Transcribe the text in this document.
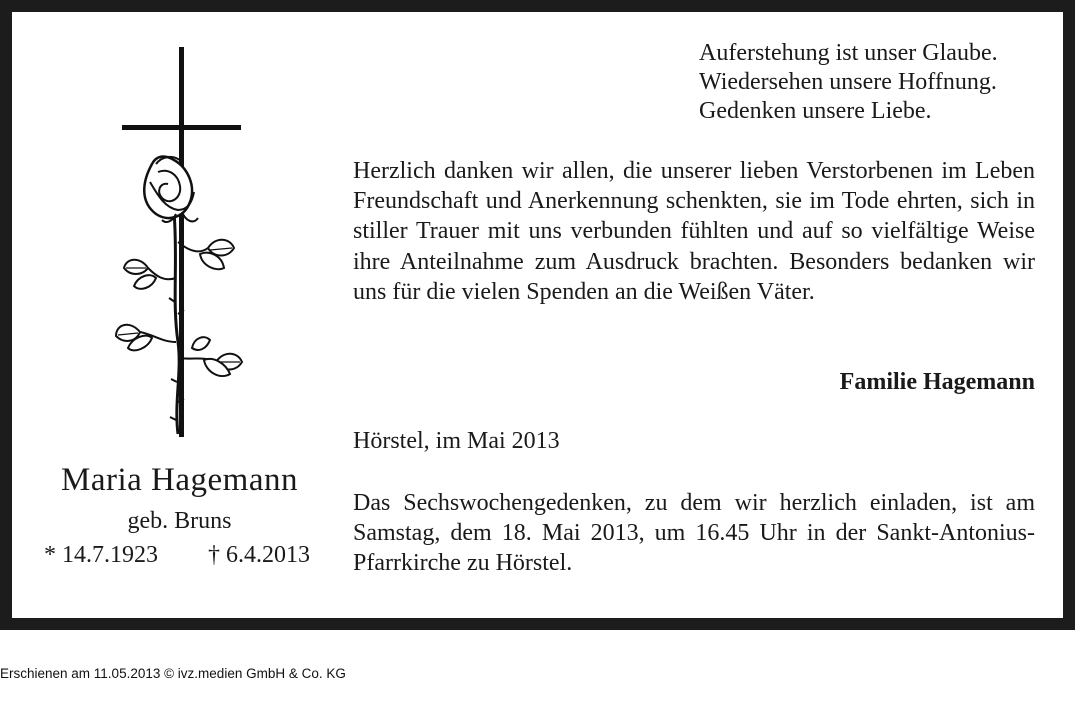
Maria Hagemann
geb. Bruns
* 14.7.1923 † 6.4.2013
Auferstehung ist unser Glaube.
Wiedersehen unsere Hoffnung.
Gedenken unsere Liebe.
Herzlich danken wir allen, die unserer lieben Verstorbenen im Leben Freundschaft und Anerkennung schenkten, sie im Tode ehrten, sich in stiller Trauer mit uns verbunden fühlten und auf so vielfältige Weise ihre Anteilnahme zum Ausdruck brachten. Besonders bedanken wir uns für die vielen Spenden an die Weißen Väter.
Familie Hagemann
Hörstel, im Mai 2013
Das Sechswochengedenken, zu dem wir herzlich einladen, ist am Samstag, dem 18. Mai 2013, um 16.45 Uhr in der Sankt-Antonius-Pfarrkirche zu Hörstel.
Erschienen am 11.05.2013 © ivz.medien GmbH & Co. KG
